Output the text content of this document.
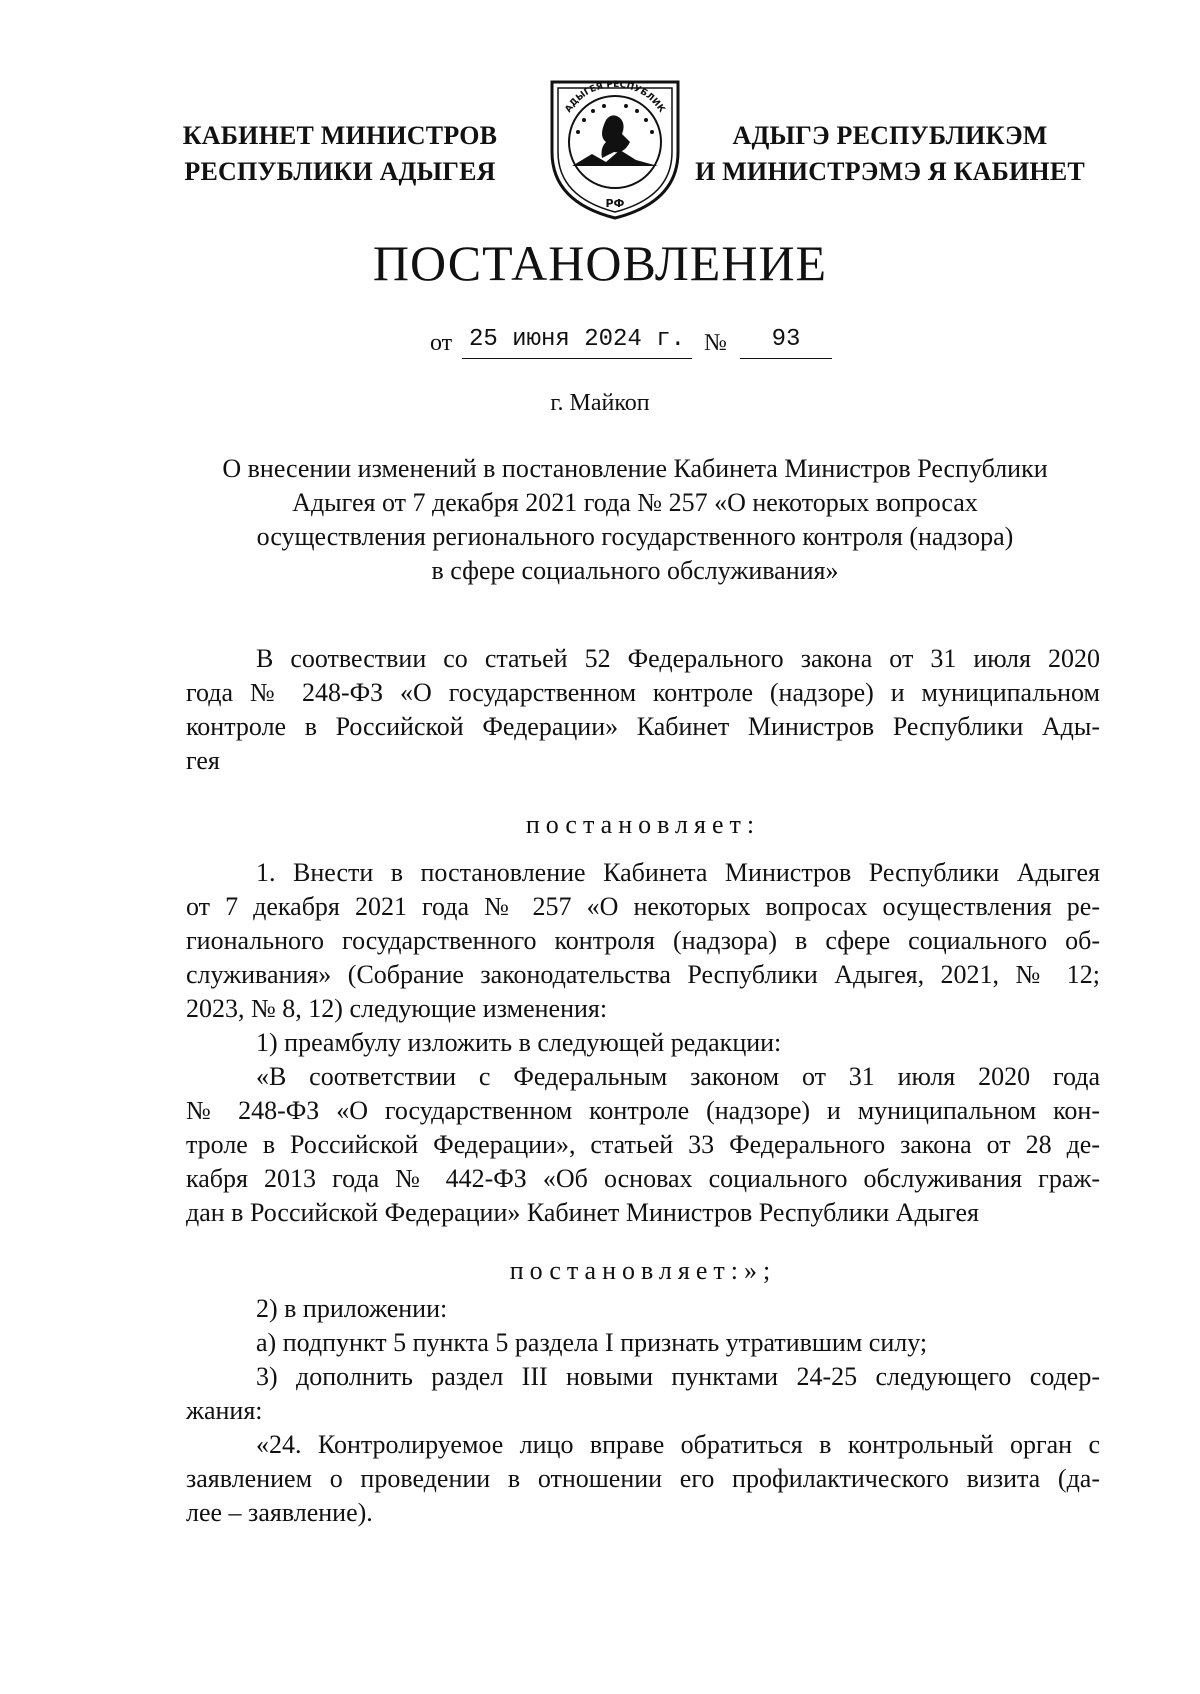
КАБИНЕТ МИНИСТРОВ
РЕСПУБЛИКИ АДЫГЕЯ
АДЫГЕЯ РЕСПУБЛИК
РФ
АДЫГЭ РЕСПУБЛИКЭМ
И МИНИСТРЭМЭ Я КАБИНЕТ
ПОСТАНОВЛЕНИЕ
от 25 июня 2024 г. №	93
г. Майкоп
О внесении изменений в постановление Кабинета Министров Республики
Адыгея от 7 декабря 2021 года № 257 «О некоторых вопросах
осуществления регионального государственного контроля (надзора)
в сфере социального обслуживания»
В соотвествии со статьей 52 Федерального закона от 31 июля 2020
года № 248-ФЗ «О государственном контроле (надзоре) и муниципальном
контроле в Российской Федерации» Кабинет Министров Республики Ады-
гея
постановляет:
1. Внести в постановление Кабинета Министров Республики Адыгея
от 7 декабря 2021 года № 257 «О некоторых вопросах осуществления ре-
гионального государственного контроля (надзора) в сфере социального об-
служивания» (Собрание законодательства Республики Адыгея, 2021, № 12;
2023, № 8, 12) следующие изменения:
1) преамбулу изложить в следующей редакции:
«В соответствии с Федеральным законом от 31 июля 2020 года
№ 248-ФЗ «О государственном контроле (надзоре) и муниципальном кон-
троле в Российской Федерации», статьей 33 Федерального закона от 28 де-
кабря 2013 года № 442-ФЗ «Об основах социального обслуживания граж-
дан в Российской Федерации» Кабинет Министров Республики Адыгея
постановляет:»;
2) в приложении:
а) подпункт 5 пункта 5 раздела I признать утратившим силу;
3) дополнить раздел III новыми пунктами 24-25 следующего содер-
жания:
«24. Контролируемое лицо вправе обратиться в контрольный орган с
заявлением о проведении в отношении его профилактического визита (да-
лее – заявление).
